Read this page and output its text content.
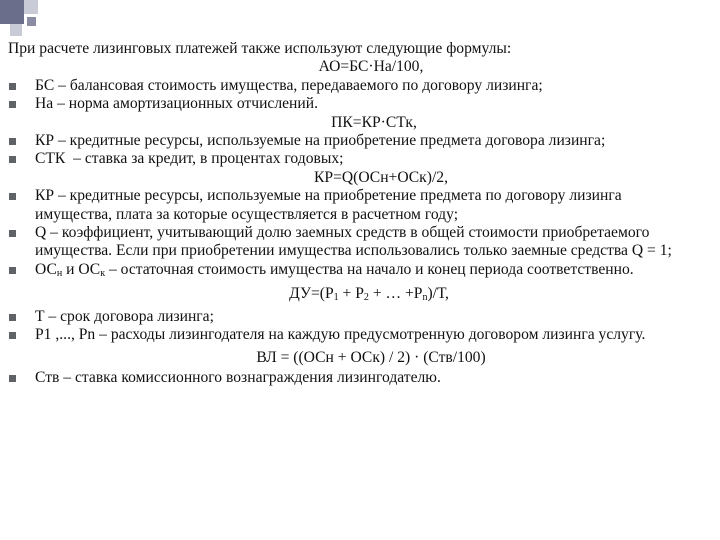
При расчете лизинговых платежей также используют следующие формулы:
АО=БС·На/100,
БС – балансовая стоимость имущества, передаваемого по договору лизинга;
На – норма амортизационных отчислений.
ПК=КР·СТк,
КР – кредитные ресурсы, используемые на приобретение предмета договора лизинга;
СТК  – ставка за кредит, в процентах годовых;
КР=Q(ОСн+ОСк)/2,
КР – кредитные ресурсы, используемые на приобретение предмета по договору лизинга имущества, плата за которые осуществляется в расчетном году;
Q – коэффициент, учитывающий долю заемных средств в общей стоимости приобретаемого имущества. Если при приобретении имущества использовались только заемные средства Q = 1;
$ОС_н$ и $ОС_к$ – остаточная стоимость имущества на начало и конец периода соответственно.
$ДУ=(Р_1 + Р_2$ + … $+Р_n)/Т$,
Т – срок договора лизинга;
Р1 ,..., Рn – расходы лизингодателя на каждую предусмотренную договором лизинга услугу.
ВЛ = ((ОСн + ОСк) / 2) · (Ств/100)
Ств – ставка комиссионного вознаграждения лизингодателю.
